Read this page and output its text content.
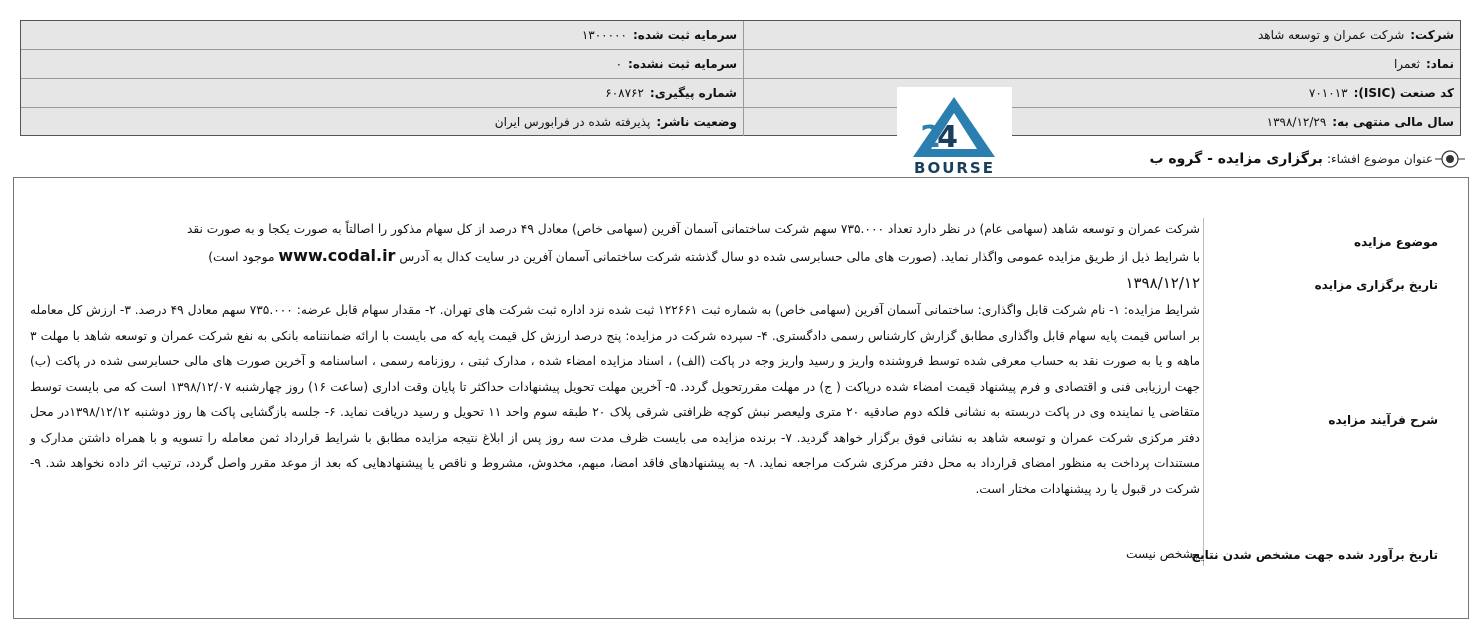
شرکت:شرکت عمران و توسعه شاهد
سرمایه ثبت شده:۱۳۰۰۰۰۰
نماد:ثعمرا
سرمایه ثبت نشده:۰
کد صنعت (ISIC):۷۰۱۰۱۳
شماره پیگیری:۶۰۸۷۶۲
سال مالی منتهی به:۱۳۹۸/۱۲/۲۹
وضعیت ناشر:پذیرفته شده در فرابورس ایران	2
4
BOURSE	عنوان موضوع افشاء:برگزاری مزایده - گروه ب
موضوع مزایده
شرکت عمران و توسعه شاهد (سهامی عام) در نظر دارد تعداد ۷۳۵.۰۰۰ سهم شرکت ساختمانی آسمان آفرین (سهامی خاص) معادل ۴۹ درصد از کل سهام مذکور را اصالتاً به صورت یکجا و به صورت نقد
با شرایط ذیل از طریق مزایده عمومی واگذار نماید. (صورت های مالی حسابرسی شده دو سال گذشته شرکت ساختمانی آسمان آفرین در سایت کدال به آدرس www.codal.ir موجود است)
تاریخ برگزاری مزایده
۱۳۹۸/۱۲/۱۲
شرح فرآیند مزایده
شرایط مزایده: ۱- نام شرکت قابل واگذاری: ساختمانی آسمان آفرین (سهامی خاص) به شماره ثبت ۱۲۲۶۶۱ ثبت شده نزد اداره ثبت شرکت های تهران. ۲- مقدار سهام قابل عرضه: ۷۳۵.۰۰۰ سهم معادل ۴۹ درصد. ۳- ارزش کل معامله بر اساس قیمت پایه سهام قابل واگذاری مطابق گزارش کارشناس رسمی دادگستری. ۴- سپرده شرکت در مزایده: پنج درصد ارزش کل قیمت پایه که می بایست با ارائه ضمانتنامه بانکی به نفع شرکت عمران و توسعه شاهد با مهلت ۳ ماهه و یا به صورت نقد به حساب معرفی شده توسط فروشنده واریز و رسید واریز وجه در پاکت (الف) ، اسناد مزایده امضاء شده ، مدارک ثبتی ، روزنامه رسمی ، اساسنامه و آخرین صورت های مالی حسابرسی شده در پاکت (ب) جهت ارزیابی فنی و اقتصادی و فرم پیشنهاد قیمت امضاء شده درپاکت ( ج) در مهلت مقررتحویل گردد. ۵- آخرین مهلت تحویل پیشنهادات حداکثر تا پایان وقت اداری (ساعت ۱۶) روز چهارشنبه ۱۳۹۸/۱۲/۰۷ است که می بایست توسط متقاضی یا نماینده وی در پاکت دربسته به نشانی فلکه دوم صادقیه ۲۰ متری ولیعصر نبش کوچه ظرافتی شرقی پلاک ۲۰ طبقه سوم واحد ۱۱ تحویل و رسید دریافت نماید. ۶- جلسه بازگشایی پاکت ها روز دوشنبه ۱۳۹۸/۱۲/۱۲در محل دفتر مرکزی شرکت عمران و توسعه شاهد به نشانی فوق برگزار خواهد گردید. ۷- برنده مزایده می بایست ظرف مدت سه روز پس از ابلاغ نتیجه مزایده مطابق با شرایط قرارداد ثمن معامله را تسویه و با همراه داشتن مدارک و مستندات پرداخت به منظور امضای قرارداد به محل دفتر مرکزی شرکت مراجعه نماید. ۸- به پیشنهادهای فاقد امضا، مبهم، مخدوش، مشروط و ناقص یا پیشنهادهایی که بعد از موعد مقرر واصل گردد، ترتیب اثر داده نخواهد شد. ۹- شرکت در قبول یا رد پیشنهادات مختار است.
تاریخ برآورد شده جهت مشخص شدن نتایج
مشخص نیست
